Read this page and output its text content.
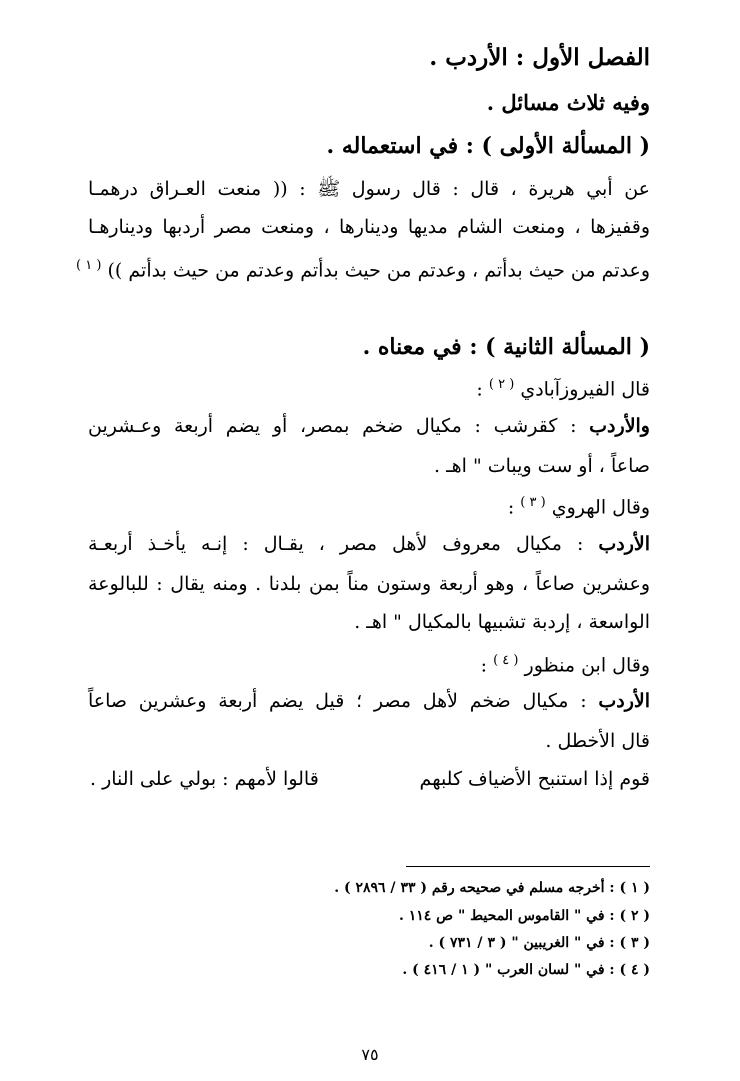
الفصل الأول : الأردب .
وفيه ثلاث مسائل .
( المسألة الأولى ) : في استعماله .
عن أبي هريرة ، قال : قال رسول ﷺ : (( منعت العـراق درهمـا
وقفيزها ، ومنعت الشام مديها ودينارها ، ومنعت مصر أردبها ودينارهـا
وعدتم من حيث بدأتم ، وعدتم من حيث بدأتم وعدتم من حيث بدأتم )) $^{( ١ )}$
( المسألة الثانية ) : في معناه .
قال الفيروزآبادي $^{( ٢ )}$ :
والأردب : كقرشب : مكيال ضخم بمصر، أو يضم أربعة وعـشرين
صاعاً ، أو ست ويبات " اهـ .
وقال الهروي $^{( ٣ )}$ :
الأردب : مكيال معروف لأهل مصر ، يقـال : إنـه يأخـذ أربعـة
وعشرين صاعاً ، وهو أربعة وستون مناً بمن بلدنا . ومنه يقال : للبالوعة
الواسعة ، إردبة تشبيها بالمكيال " اهـ .
وقال ابن منظور $^{( ٤ )}$ :
الأردب : مكيال ضخم لأهل مصر ؛ قيل يضم أربعة وعشرين صاعاً
قال الأخطل .
قوم إذا استنبح الأضياف كلبهم
قالوا لأمهم : بولي على النار .
( ١ ) : أخرجه مسلم في صحيحه رقم ( ٣٣ / ٢٨٩٦ ) .
( ٢ ) : في " القاموس المحيط " ص ١١٤ .
( ٣ ) : في " الغريبين " ( ٣ / ٧٣١ ) .
( ٤ ) : في " لسان العرب " ( ١ / ٤١٦ ) .
٧٥
